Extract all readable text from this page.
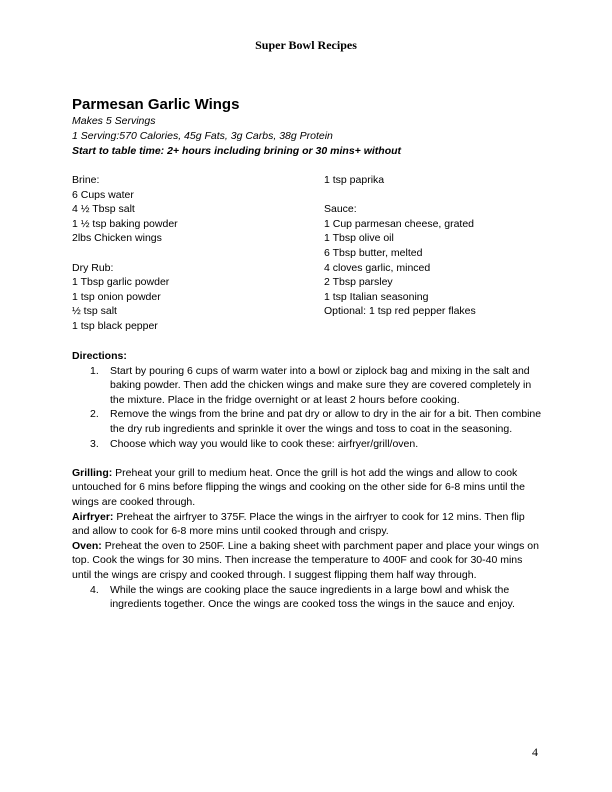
Super Bowl Recipes
Parmesan Garlic Wings
Makes 5 Servings
1 Serving:570 Calories, 45g Fats, 3g Carbs, 38g Protein
Start to table time: 2+ hours including brining or 30 mins+ without
Brine:
6 Cups water
4 ½ Tbsp salt
1 ½ tsp baking powder
2lbs Chicken wings
Dry Rub:
1 Tbsp garlic powder
1 tsp onion powder
½ tsp salt
1 tsp black pepper
1 tsp paprika
Sauce:
1 Cup parmesan cheese, grated
1 Tbsp olive oil
6 Tbsp butter, melted
4 cloves garlic, minced
2 Tbsp parsley
1 tsp Italian seasoning
Optional: 1 tsp red pepper flakes
Directions:
1.	Start by pouring 6 cups of warm water into a bowl or ziplock bag and mixing in the salt and baking powder. Then add the chicken wings and make sure they are covered completely in the mixture. Place in the fridge overnight or at least 2 hours before cooking.
2.	Remove the wings from the brine and pat dry or allow to dry in the air for a bit. Then combine the dry rub ingredients and sprinkle it over the wings and toss to coat in the seasoning.
3.	Choose which way you would like to cook these: airfryer/grill/oven.
Grilling: Preheat your grill to medium heat. Once the grill is hot add the wings and allow to cook untouched for 6 mins before flipping the wings and cooking on the other side for 6-8 mins until the wings are cooked through.
Airfryer: Preheat the airfryer to 375F. Place the wings in the airfryer to cook for 12 mins. Then flip and allow to cook for 6-8 more mins until cooked through and crispy.
Oven: Preheat the oven to 250F. Line a baking sheet with parchment paper and place your wings on top. Cook the wings for 30 mins. Then increase the temperature to 400F and cook for 30-40 mins until the wings are crispy and cooked through. I suggest flipping them half way through.
4.	While the wings are cooking place the sauce ingredients in a large bowl and whisk the ingredients together. Once the wings are cooked toss the wings in the sauce and enjoy.
4
